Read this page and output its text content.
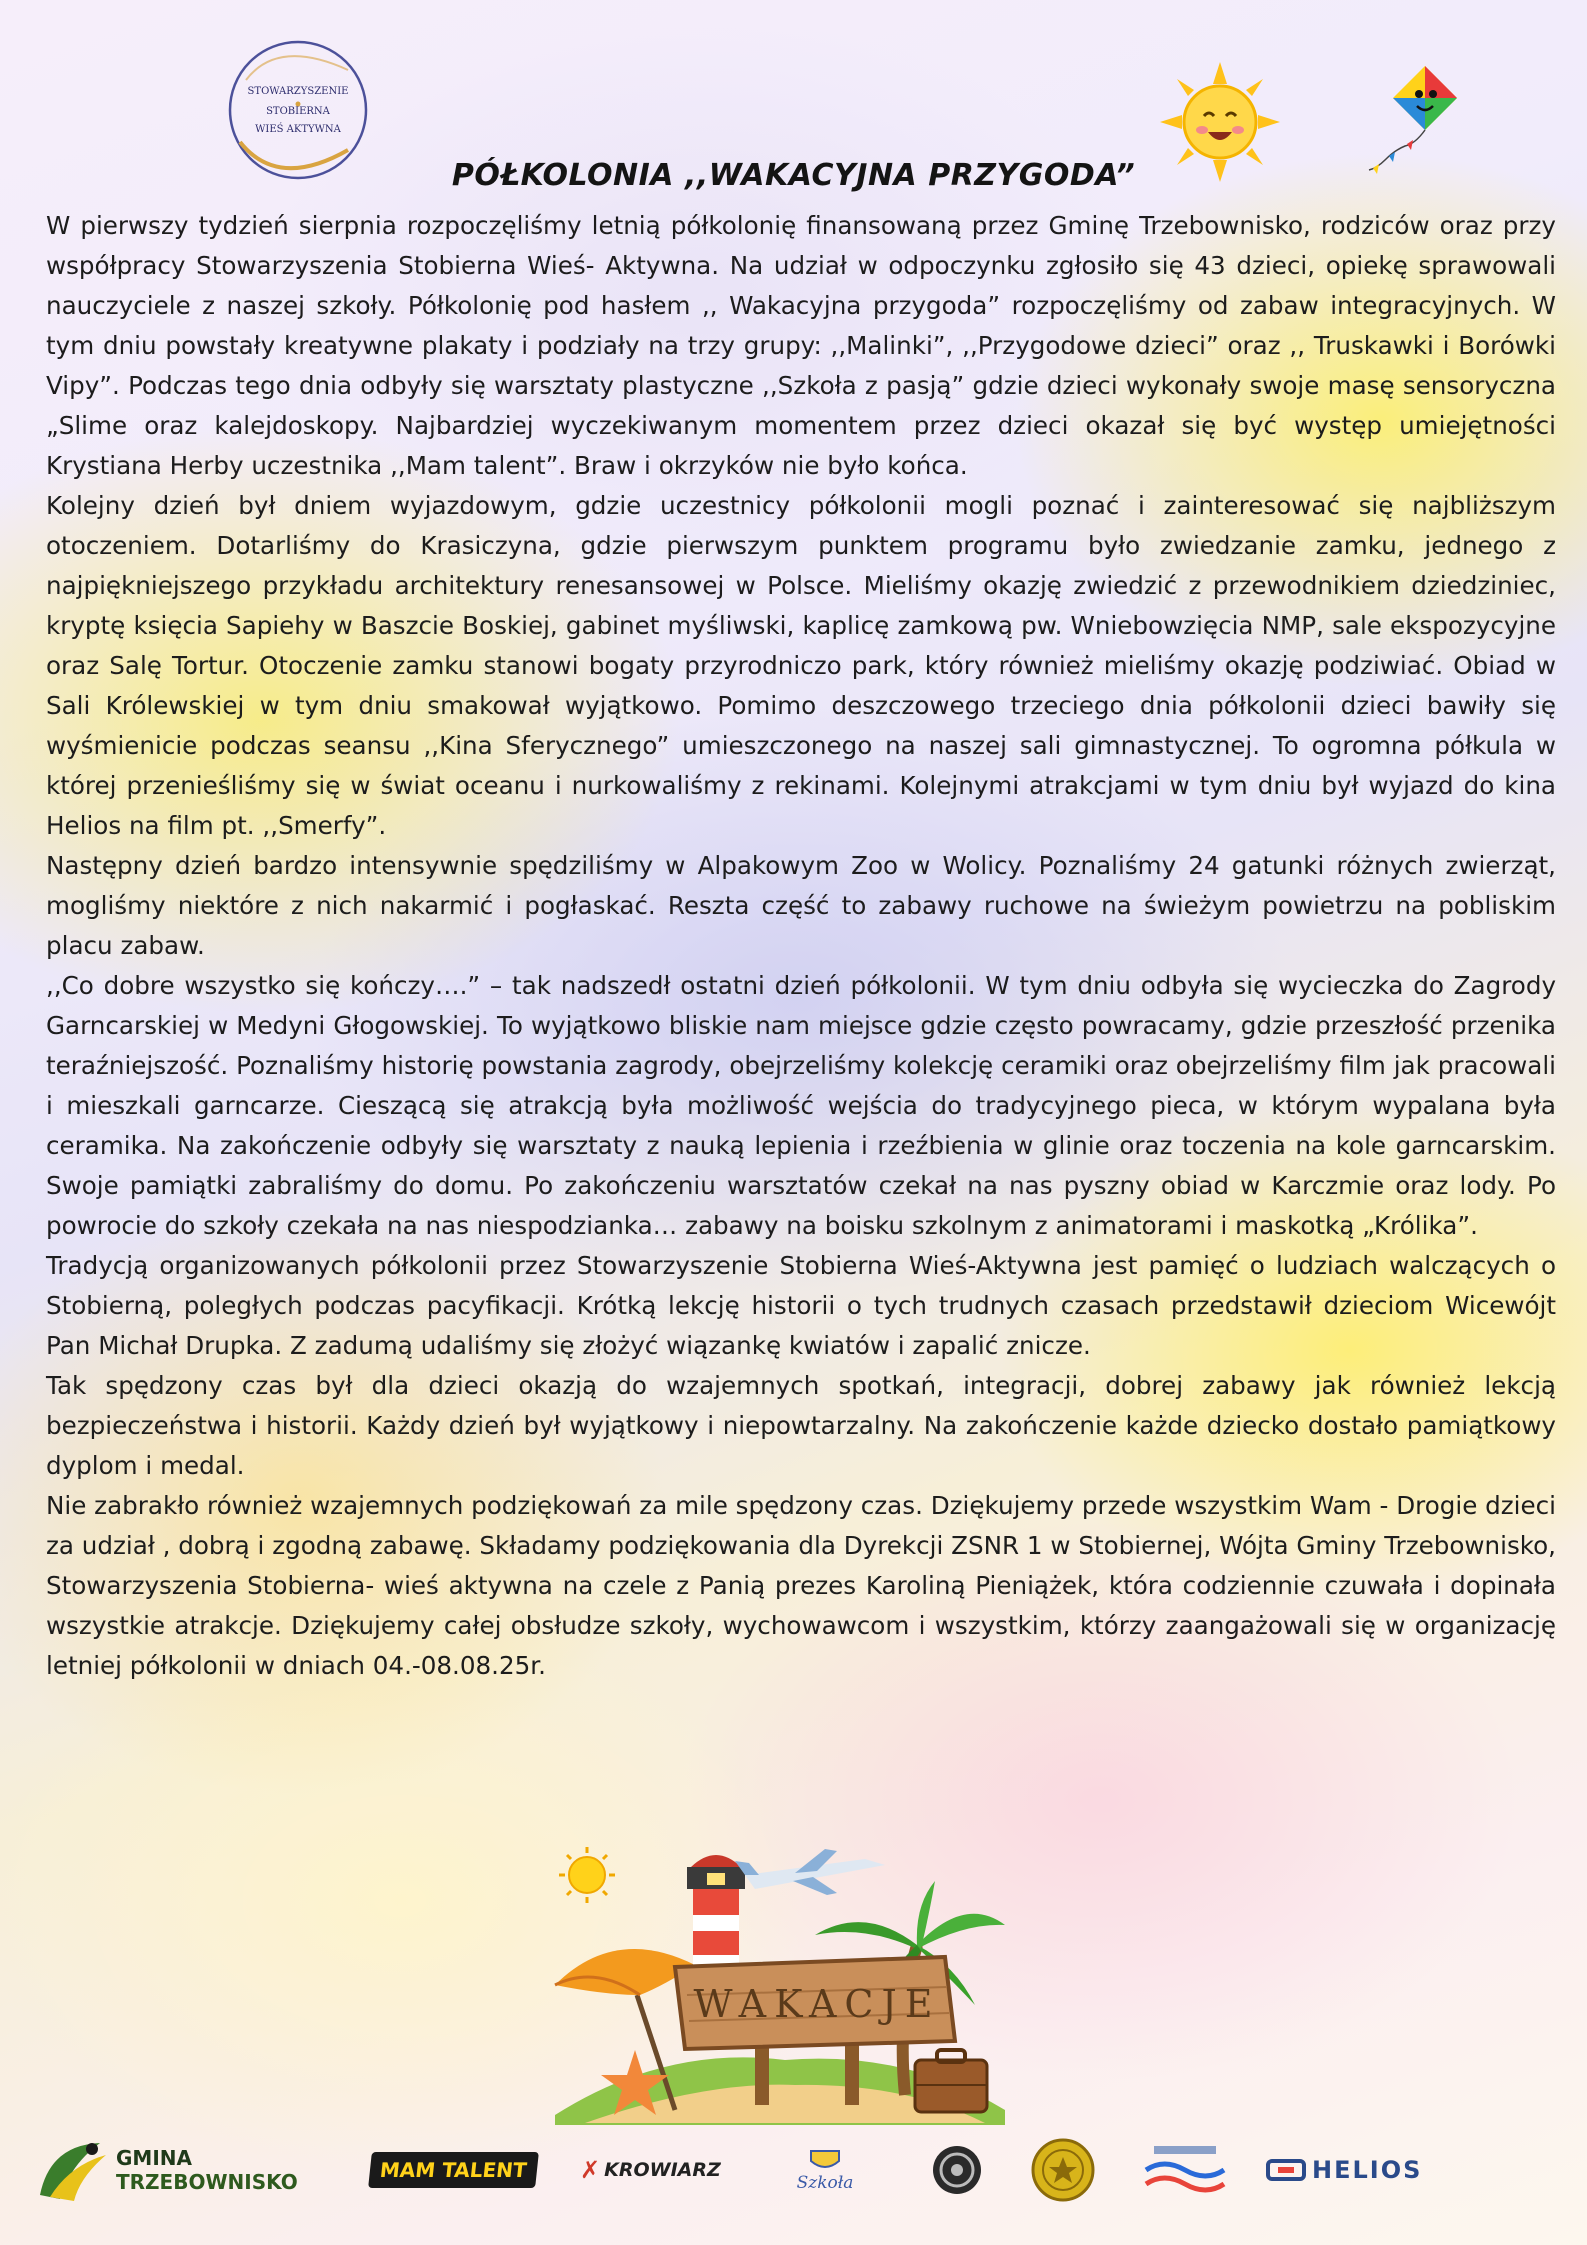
STOWARZYSZENIE
STOBIERNA
WIEŚ AKTYWNA
PÓŁKOLONIA ,,WAKACYJNA PRZYGODA”

W pierwszy tydzień sierpnia rozpoczęliśmy letnią półkolonię finansowaną przez Gminę Trzebownisko, rodziców oraz przy współpracy Stowarzyszenia Stobierna Wieś- Aktywna. Na udział w odpoczynku zgłosiło się 43 dzieci, opiekę sprawowali nauczyciele z naszej szkoły. Półkolonię pod hasłem ,, Wakacyjna przygoda” rozpoczęliśmy od zabaw integracyjnych. W tym dniu powstały kreatywne plakaty i podziały na trzy grupy: ,,Malinki”, ,,Przygodowe dzieci” oraz ,, Truskawki i Borówki Vipy”. Podczas tego dnia odbyły się warsztaty plastyczne ,,Szkoła z pasją” gdzie dzieci wykonały swoje masę sensoryczna „Slime oraz kalejdoskopy. Najbardziej wyczekiwanym momentem przez dzieci okazał się być występ umiejętności Krystiana Herby uczestnika ,,Mam talent”. Braw i okrzyków nie było końca.

Kolejny dzień był dniem wyjazdowym, gdzie uczestnicy półkolonii mogli poznać i zainteresować się najbliższym otoczeniem. Dotarliśmy do Krasiczyna, gdzie pierwszym punktem programu było zwiedzanie zamku, jednego z najpiękniejszego przykładu architektury renesansowej w Polsce. Mieliśmy okazję zwiedzić z przewodnikiem dziedziniec, kryptę księcia Sapiehy w Baszcie Boskiej, gabinet myśliwski, kaplicę zamkową pw. Wniebowzięcia NMP, sale ekspozycyjne oraz Salę Tortur. Otoczenie zamku stanowi bogaty przyrodniczo park, który również mieliśmy okazję podziwiać. Obiad w Sali Królewskiej w tym dniu smakował wyjątkowo. Pomimo deszczowego trzeciego dnia półkolonii dzieci bawiły się wyśmienicie podczas seansu ,,Kina Sferycznego” umieszczonego na naszej sali gimnastycznej. To ogromna półkula w której przenieśliśmy się w świat oceanu i nurkowaliśmy z rekinami. Kolejnymi atrakcjami w tym dniu był wyjazd do kina Helios na film pt. ,,Smerfy”.

Następny dzień bardzo intensywnie spędziliśmy w Alpakowym Zoo w Wolicy. Poznaliśmy 24 gatunki różnych zwierząt, mogliśmy niektóre z nich nakarmić i pogłaskać. Reszta część to zabawy ruchowe na świeżym powietrzu na pobliskim placu zabaw.

,,Co dobre wszystko się kończy….” – tak nadszedł ostatni dzień półkolonii. W tym dniu odbyła się wycieczka do Zagrody Garncarskiej w Medyni Głogowskiej. To wyjątkowo bliskie nam miejsce gdzie często powracamy, gdzie przeszłość przenika teraźniejszość. Poznaliśmy historię powstania zagrody, obejrzeliśmy kolekcję ceramiki oraz obejrzeliśmy film jak pracowali i mieszkali garncarze. Cieszącą się atrakcją była możliwość wejścia do tradycyjnego pieca, w którym wypalana była ceramika. Na zakończenie odbyły się warsztaty z nauką lepienia i rzeźbienia w glinie oraz toczenia na kole garncarskim. Swoje pamiątki zabraliśmy do domu. Po zakończeniu warsztatów czekał na nas pyszny obiad w Karczmie oraz lody. Po powrocie do szkoły czekała na nas niespodzianka… zabawy na boisku szkolnym z animatorami i maskotką „Królika”.

Tradycją organizowanych półkolonii przez Stowarzyszenie Stobierna Wieś-Aktywna jest pamięć o ludziach walczących o Stobierną, poległych podczas pacyfikacji. Krótką lekcję historii o tych trudnych czasach przedstawił dzieciom Wicewójt Pan Michał Drupka. Z zadumą udaliśmy się złożyć wiązankę kwiatów i zapalić znicze.

Tak spędzony czas był dla dzieci okazją do wzajemnych spotkań, integracji, dobrej zabawy jak również lekcją bezpieczeństwa i historii. Każdy dzień był wyjątkowy i niepowtarzalny. Na zakończenie każde dziecko dostało pamiątkowy dyplom i medal.

Nie zabrakło również wzajemnych podziękowań za mile spędzony czas. Dziękujemy przede wszystkim Wam - Drogie dzieci za udział , dobrą i zgodną zabawę. Składamy podziękowania dla Dyrekcji ZSNR 1 w Stobiernej, Wójta Gminy Trzebownisko, Stowarzyszenia Stobierna- wieś aktywna na czele z Panią prezes Karoliną Pieniążek, która codziennie czuwała i dopinała wszystkie atrakcje. Dziękujemy całej obsłudze szkoły, wychowawcom i wszystkim, którzy zaangażowali się w organizację letniej półkolonii w dniach 04.-08.08.25r.

WAKACJE
GMINA
TRZEBOWNISKO	MAM TALENT	✗ KROWIARZ
Szkoła	HELIOS
